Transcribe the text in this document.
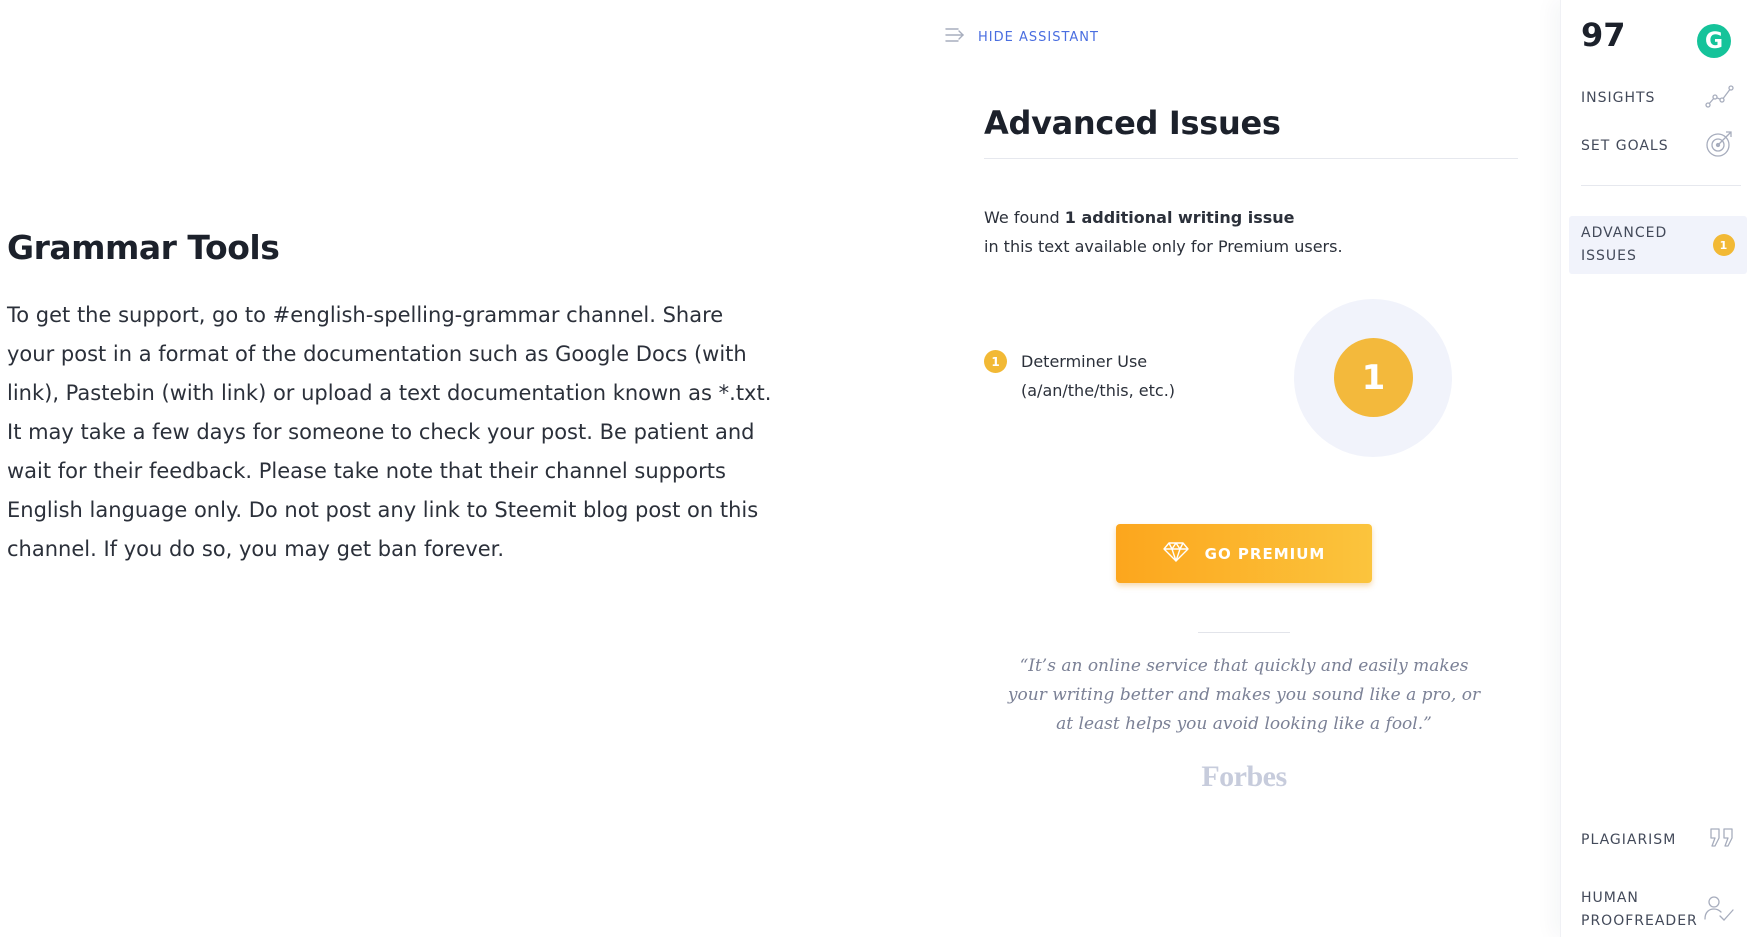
Grammar Tools

To get the support, go to #english-spelling-grammar channel. Share your post in a format of the documentation such as Google Docs (with link), Pastebin (with link) or upload a text documentation known as *.txt. It may take a few days for someone to check your post. Be patient and wait for their feedback. Please take note that their channel supports English language only. Do not post any link to Steemit blog post on this channel. If you do so, you may get ban forever.

HIDE ASSISTANT
Advanced Issues
We found 1 additional writing issue
in this text available only for Premium users.
1	Determiner Use
(a/an/the/this, etc.)	1
GO PREMIUM
“It’s an online service that quickly and easily makes your writing better and makes you sound like a pro, or at least helps you avoid looking like a fool.”
Forbes
97	G
INSIGHTS
SET GOALS
ADVANCED ISSUES
1
PLAGIARISM
HUMAN PROOFREADER
